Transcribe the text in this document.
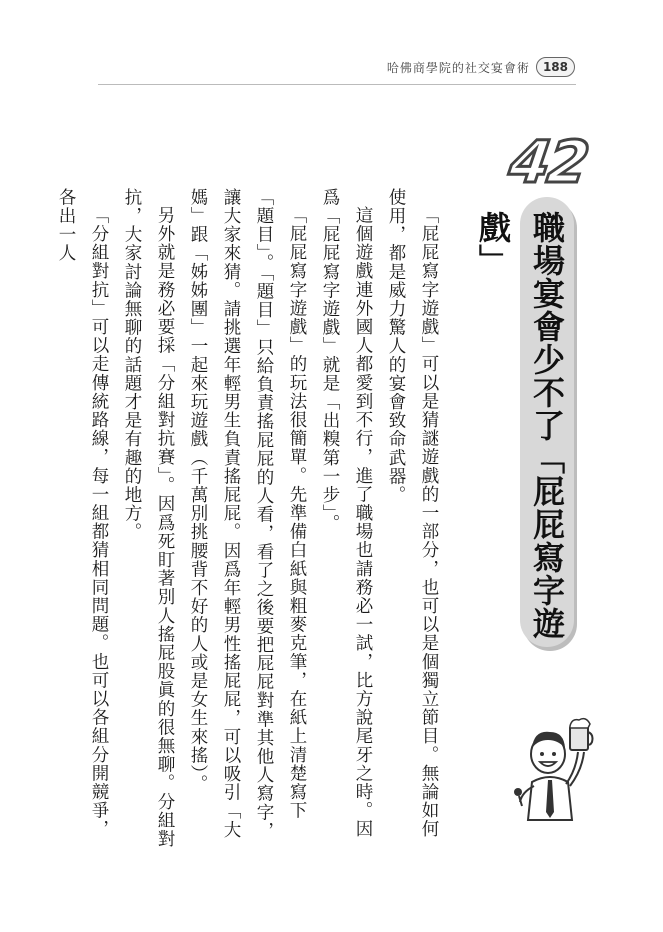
哈佛商學院的社交宴會術	188
42
職場宴會少不了「屁屁寫字遊戲」

「屁屁寫字遊戲」可以是猜謎遊戲的一部分，也可以是個獨立節目。無論如何使用，都是威力驚人的宴會致命武器。

這個遊戲連外國人都愛到不行，進了職場也請務必一試，比方說尾牙之時。因爲「屁屁寫字遊戲」就是「出糗第一步」。

「屁屁寫字遊戲」的玩法很簡單。先準備白紙與粗麥克筆，在紙上清楚寫下「題目」。「題目」只給負責搖屁屁的人看，看了之後要把屁屁對準其他人寫字，讓大家來猜。請挑選年輕男生負責搖屁屁。因爲年輕男性搖屁屁，可以吸引「大媽」跟「姊姊團」一起來玩遊戲（千萬別挑腰背不好的人或是女生來搖）。

另外就是務必要採「分組對抗賽」。因爲死盯著別人搖屁股眞的很無聊。分組對抗，大家討論無聊的話題才是有趣的地方。

「分組對抗」可以走傳統路線，每一組都猜相同問題。也可以各組分開競爭，各出一人
